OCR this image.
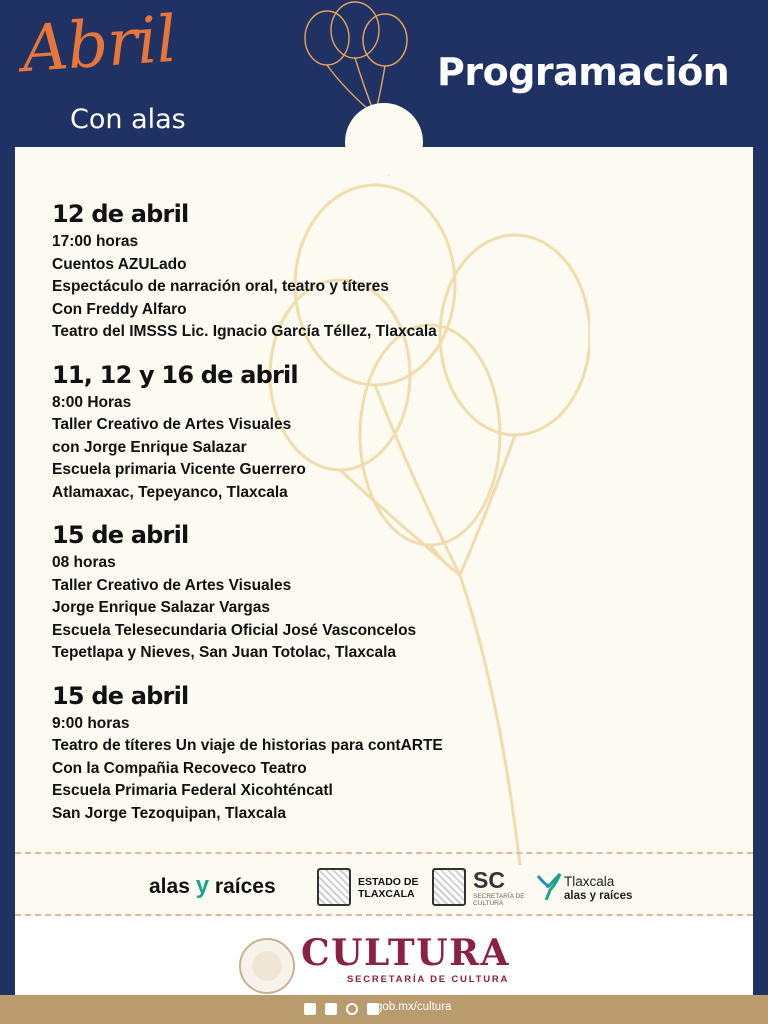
Abril
Con alas
Programación
12 de abril
17:00 horas
Cuentos AZULado
Espectáculo de narración oral, teatro y títeres
Con Freddy Alfaro
Teatro del IMSSS Lic. Ignacio García Téllez, Tlaxcala
11, 12 y 16 de abril
8:00 Horas
Taller Creativo de Artes Visuales
con Jorge Enrique Salazar
Escuela primaria Vicente Guerrero
Atlamaxac, Tepeyanco, Tlaxcala
15 de abril
08 horas
Taller Creativo de Artes Visuales
Jorge Enrique Salazar Vargas
Escuela Telesecundaria Oficial José Vasconcelos
Tepetlapa y Nieves, San Juan Totolac, Tlaxcala
15 de abril
9:00 horas
Teatro de títeres Un viaje de historias para contARTE
Con la Compañia Recoveco Teatro
Escuela Primaria Federal Xicohténcatl
San Jorge Tezoquipan, Tlaxcala
alas y raíces	ESTADO DE
TLAXCALA
SC
SECRETARÍA DE
CULTURA
Tlaxcala
alas y raíces
CULTURA
SECRETARÍA DE CULTURA

gob.mx/cultura
